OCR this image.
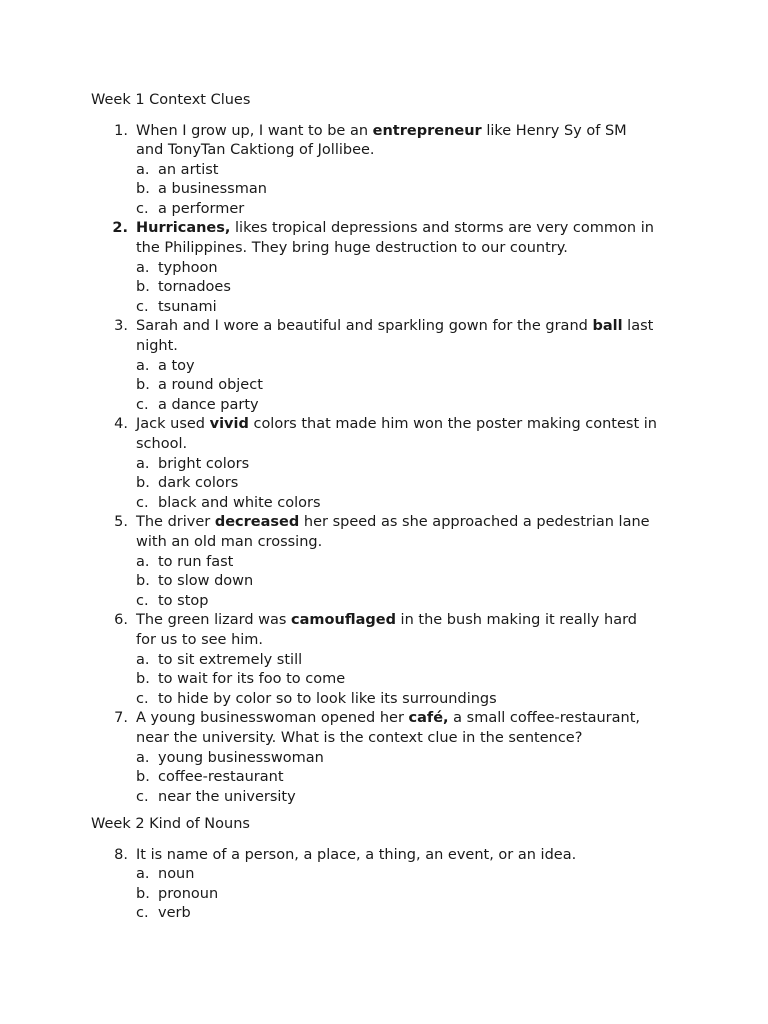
Week 1 Context Clues
1. When I grow up, I want to be an entrepreneur like Henry Sy of SM
and TonyTan Caktiong of Jollibee.
a. an artist
b. a businessman
c. a performer
2. Hurricanes, likes tropical depressions and storms are very common in
the Philippines. They bring huge destruction to our country.
a. typhoon
b. tornadoes
c. tsunami
3. Sarah and I wore a beautiful and sparkling gown for the grand ball last
night.
a. a toy
b. a round object
c. a dance party
4. Jack used vivid colors that made him won the poster making contest in
school.
a. bright colors
b. dark colors
c. black and white colors
5. The driver decreased her speed as she approached a pedestrian lane
with an old man crossing.
a. to run fast
b. to slow down
c. to stop
6. The green lizard was camouflaged in the bush making it really hard
for us to see him.
a. to sit extremely still
b. to wait for its foo to come
c. to hide by color so to look like its surroundings
7. A young businesswoman opened her café, a small coffee-restaurant,
near the university. What is the context clue in the sentence?
a. young businesswoman
b. coffee-restaurant
c. near the university
Week 2 Kind of Nouns
8. It is name of a person, a place, a thing, an event, or an idea.
a. noun
b. pronoun
c. verb
